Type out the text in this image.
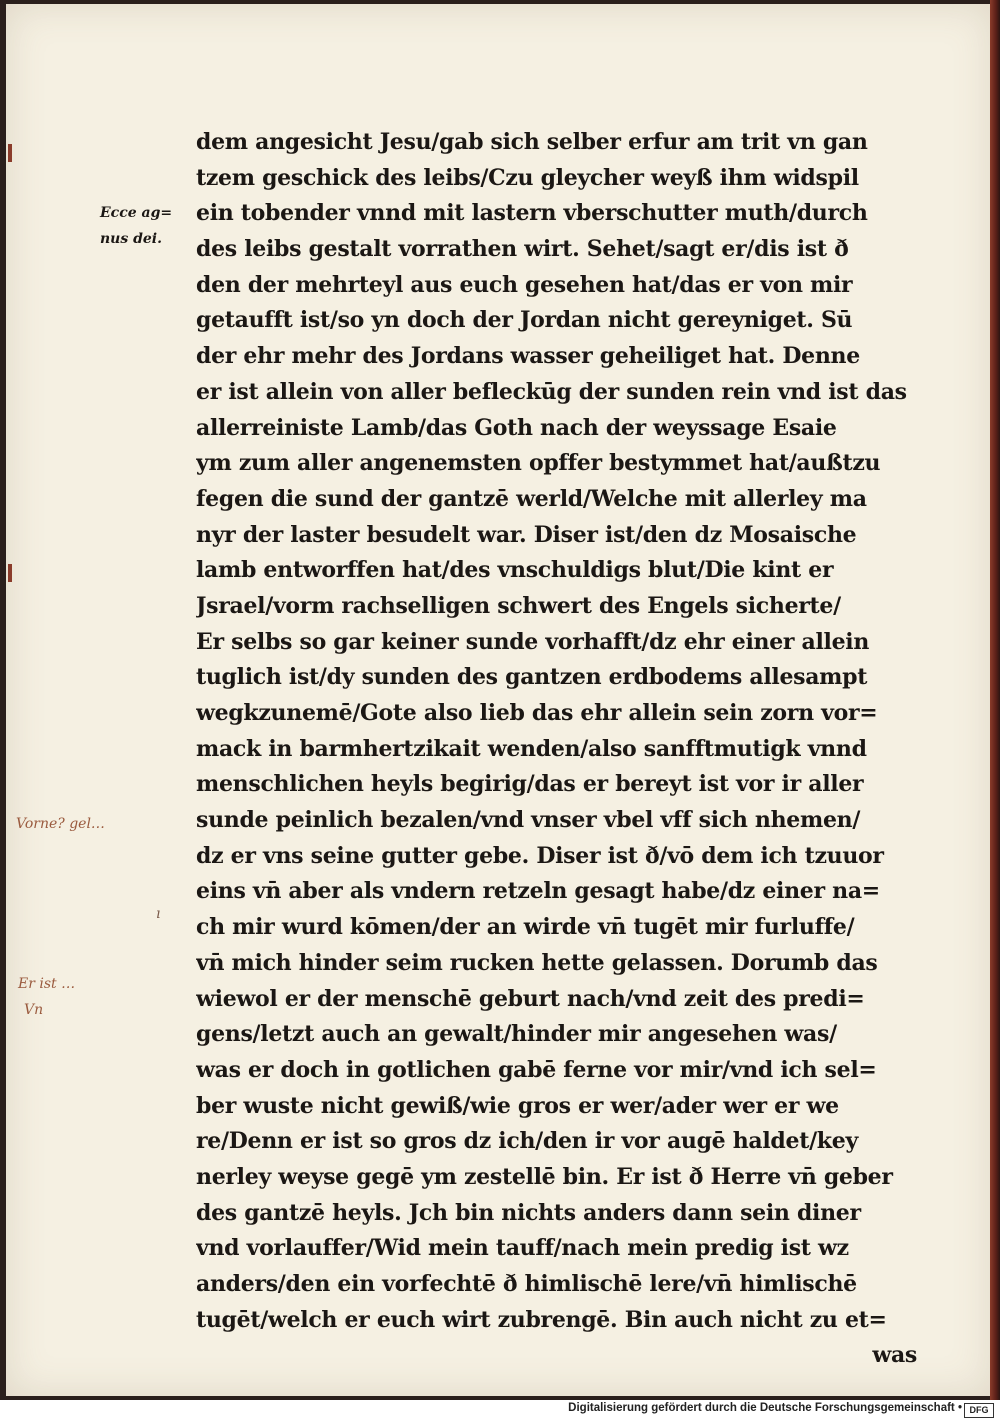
Ecce ag=
nus dei.
Vorne? gel…
Er ist …
Vn
ı
dem angesicht Jesu/gab sich selber erfur am trit vn gan
tzem geschick des leibs/Czu gleycher weyß ihm widspil
ein tobender vnnd mit lastern vberschutter muth/durch
des leibs gestalt vorrathen wirt. Sehet/sagt er/dis ist ð
den der mehrteyl aus euch gesehen hat/das er von mir
getaufft ist/so yn doch der Jordan nicht gereyniget. Sū
der ehr mehr des Jordans wasser geheiliget hat. Denne
er ist allein von aller befleckūg der sunden rein vnd ist das
allerreiniste Lamb/das Goth nach der weyssage Esaie
ym zum aller angenemsten opffer bestymmet hat/außtzu
fegen die sund der gantzē werld/Welche mit allerley ma
nyr der laster besudelt war. Diser ist/den dz Mosaische
lamb entworffen hat/des vnschuldigs blut/Die kint er
Jsrael/vorm rachselligen schwert des Engels sicherte/
Er selbs so gar keiner sunde vorhafft/dz ehr einer allein
tuglich ist/dy sunden des gantzen erdbodems allesampt
wegkzunemē/Gote also lieb das ehr allein sein zorn vor=
mack in barmhertzikait wenden/also sanfftmutigk vnnd
menschlichen heyls begirig/das er bereyt ist vor ir aller
sunde peinlich bezalen/vnd vnser vbel vff sich nhemen/
dz er vns seine gutter gebe. Diser ist ð/vō dem ich tzuuor
eins vn̄ aber als vndern retzeln gesagt habe/dz einer na=
ch mir wurd kōmen/der an wirde vn̄ tugēt mir furluffe/
vn̄ mich hinder seim rucken hette gelassen. Dorumb das
wiewol er der menschē geburt nach/vnd zeit des predi=
gens/letzt auch an gewalt/hinder mir angesehen was/
was er doch in gotlichen gabē ferne vor mir/vnd ich sel=
ber wuste nicht gewiß/wie gros er wer/ader wer er we
re/Denn er ist so gros dz ich/den ir vor augē haldet/key
nerley weyse gegē ym zestellē bin. Er ist ð Herre vn̄ geber
des gantzē heyls. Jch bin nichts anders dann sein diner
vnd vorlauffer/Wid mein tauff/nach mein predig ist wz
anders/den ein vorfechtē ð himlischē lere/vn̄ himlischē
tugēt/welch er euch wirt zubrengē. Bin auch nicht zu et=
was
Digitalisierung gefördert durch die Deutsche Forschungsgemeinschaft • DFG
